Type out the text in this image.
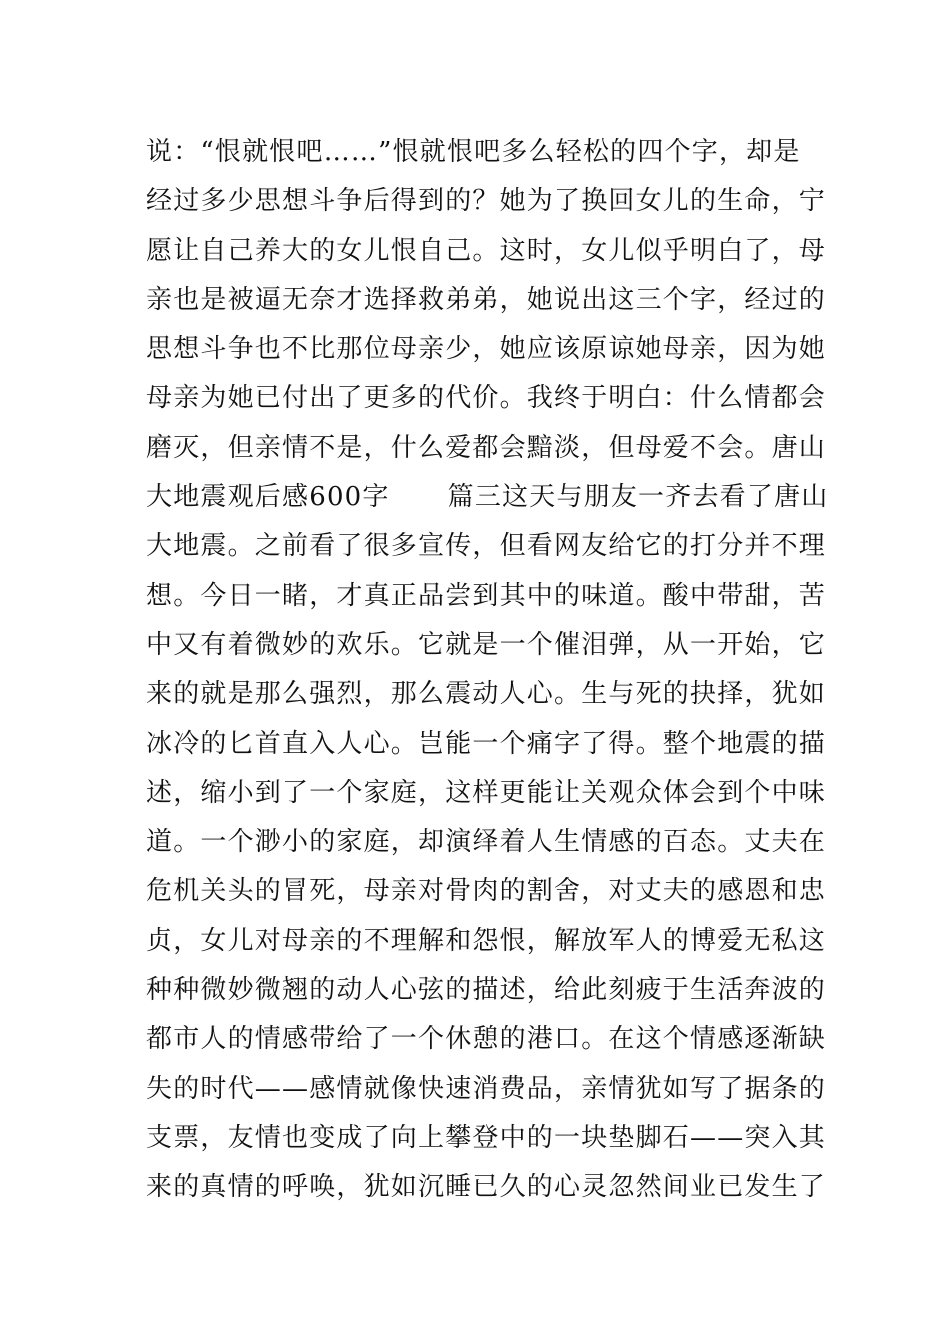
说：“恨就恨吧……”恨就恨吧多么轻松的四个字，却是
经过多少思想斗争后得到的？她为了换回女儿的生命，宁
愿让自己养大的女儿恨自己。这时，女儿似乎明白了，母
亲也是被逼无奈才选择救弟弟，她说出这三个字，经过的
思想斗争也不比那位母亲少，她应该原谅她母亲，因为她
母亲为她已付出了更多的代价。我终于明白：什么情都会
磨灭，但亲情不是，什么爱都会黯淡，但母爱不会。唐山
大地震观后感600字 篇三这天与朋友一齐去看了唐山
大地震。之前看了很多宣传，但看网友给它的打分并不理
想。今日一睹，才真正品尝到其中的味道。酸中带甜，苦
中又有着微妙的欢乐。它就是一个催泪弹，从一开始，它
来的就是那么强烈，那么震动人心。生与死的抉择，犹如
冰冷的匕首直入人心。岂能一个痛字了得。整个地震的描
述，缩小到了一个家庭，这样更能让关观众体会到个中味
道。一个渺小的家庭，却演绎着人生情感的百态。丈夫在
危机关头的冒死，母亲对骨肉的割舍，对丈夫的感恩和忠
贞，女儿对母亲的不理解和怨恨，解放军人的博爱无私这
种种微妙微翘的动人心弦的描述，给此刻疲于生活奔波的
都市人的情感带给了一个休憩的港口。在这个情感逐渐缺
失的时代——感情就像快速消费品，亲情犹如写了据条的
支票，友情也变成了向上攀登中的一块垫脚石——突入其
来的真情的呼唤，犹如沉睡已久的心灵忽然间业已发生了
